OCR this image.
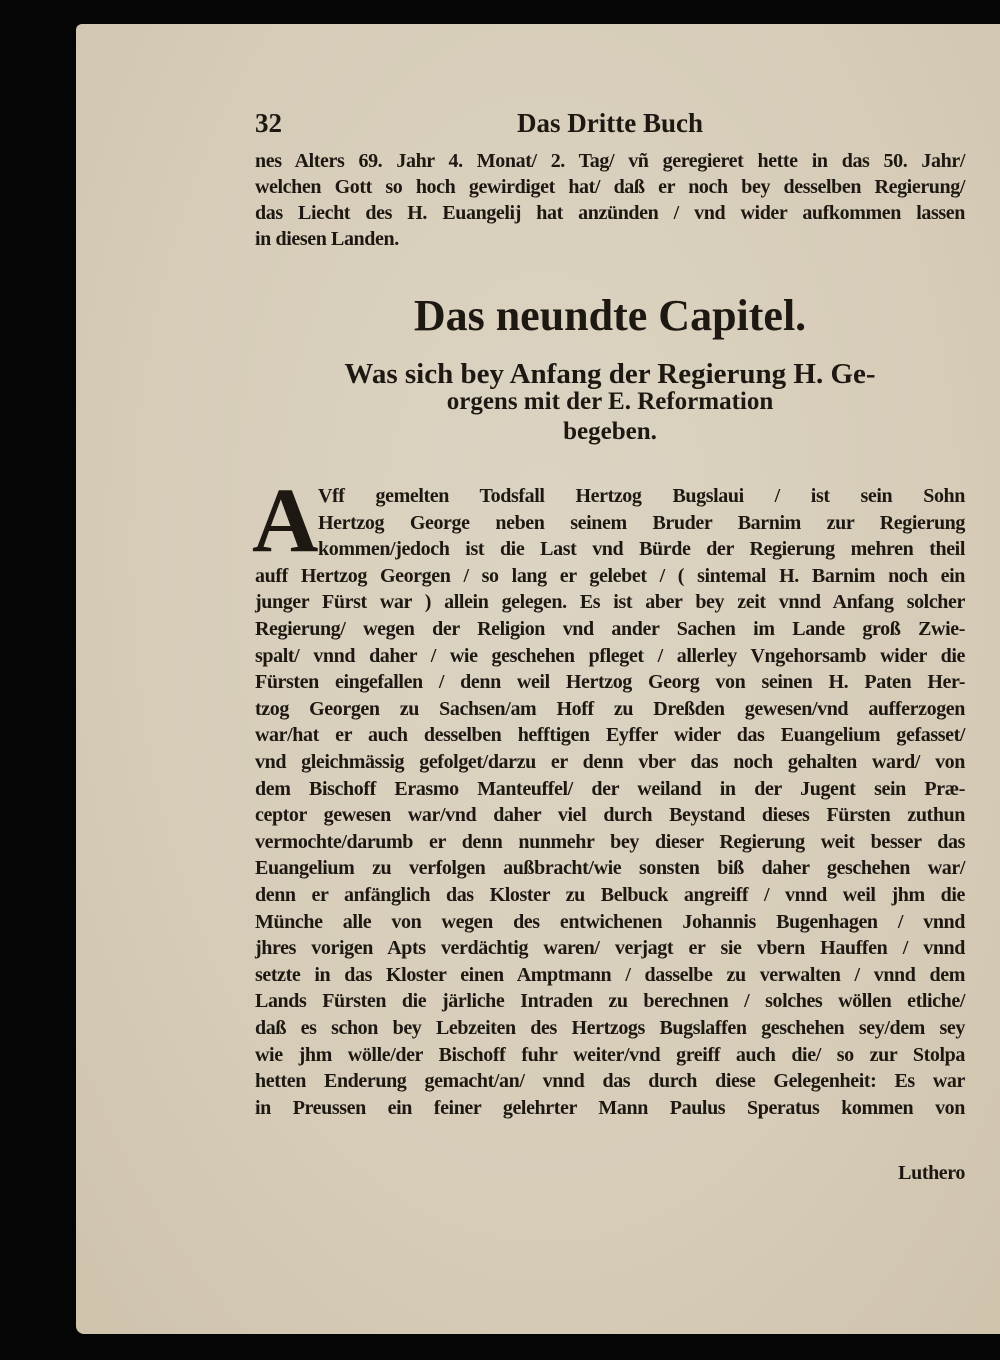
32	Das Dritte Buch
nes Alters 69. Jahr 4. Monat/ 2. Tag/ vñ geregieret hette in das 50. Jahr/
welchen Gott so hoch gewirdiget hat/ daß er noch bey desselben Regierung/
das Liecht des H. Euangelij hat anzünden / vnd wider aufkommen lassen
in diesen Landen.
Das neundte Capitel.
Was sich bey Anfang der Regierung H. Ge-
orgens mit der E. Reformation
begeben.
A Vff gemelten Todsfall Hertzog Bugslaui / ist sein Sohn
Hertzog George neben seinem Bruder Barnim zur Regierung
kommen/jedoch ist die Last vnd Bürde der Regierung mehren theil
auff Hertzog Georgen / so lang er gelebet / ( sintemal H. Barnim noch ein
junger Fürst war ) allein gelegen. Es ist aber bey zeit vnnd Anfang solcher
Regierung/ wegen der Religion vnd ander Sachen im Lande groß Zwie-
spalt/ vnnd daher / wie geschehen pfleget / allerley Vngehorsamb wider die
Fürsten eingefallen / denn weil Hertzog Georg von seinen H. Paten Her-
tzog Georgen zu Sachsen/am Hoff zu Dreßden gewesen/vnd aufferzogen
war/hat er auch desselben hefftigen Eyffer wider das Euangelium gefasset/
vnd gleichmässig gefolget/darzu er denn vber das noch gehalten ward/ von
dem Bischoff Erasmo Manteuffel/ der weiland in der Jugent sein Præ-
ceptor gewesen war/vnd daher viel durch Beystand dieses Fürsten zuthun
vermochte/darumb er denn nunmehr bey dieser Regierung weit besser das
Euangelium zu verfolgen außbracht/wie sonsten biß daher geschehen war/
denn er anfänglich das Kloster zu Belbuck angreiff / vnnd weil jhm die
Münche alle von wegen des entwichenen Johannis Bugenhagen / vnnd
jhres vorigen Apts verdächtig waren/ verjagt er sie vbern Hauffen / vnnd
setzte in das Kloster einen Amptmann / dasselbe zu verwalten / vnnd dem
Lands Fürsten die järliche Intraden zu berechnen / solches wöllen etliche/
daß es schon bey Lebzeiten des Hertzogs Bugslaffen geschehen sey/dem sey
wie jhm wölle/der Bischoff fuhr weiter/vnd greiff auch die/ so zur Stolpa
hetten Enderung gemacht/an/ vnnd das durch diese Gelegenheit: Es war
in Preussen ein feiner gelehrter Mann Paulus Speratus kommen von
Luthero
